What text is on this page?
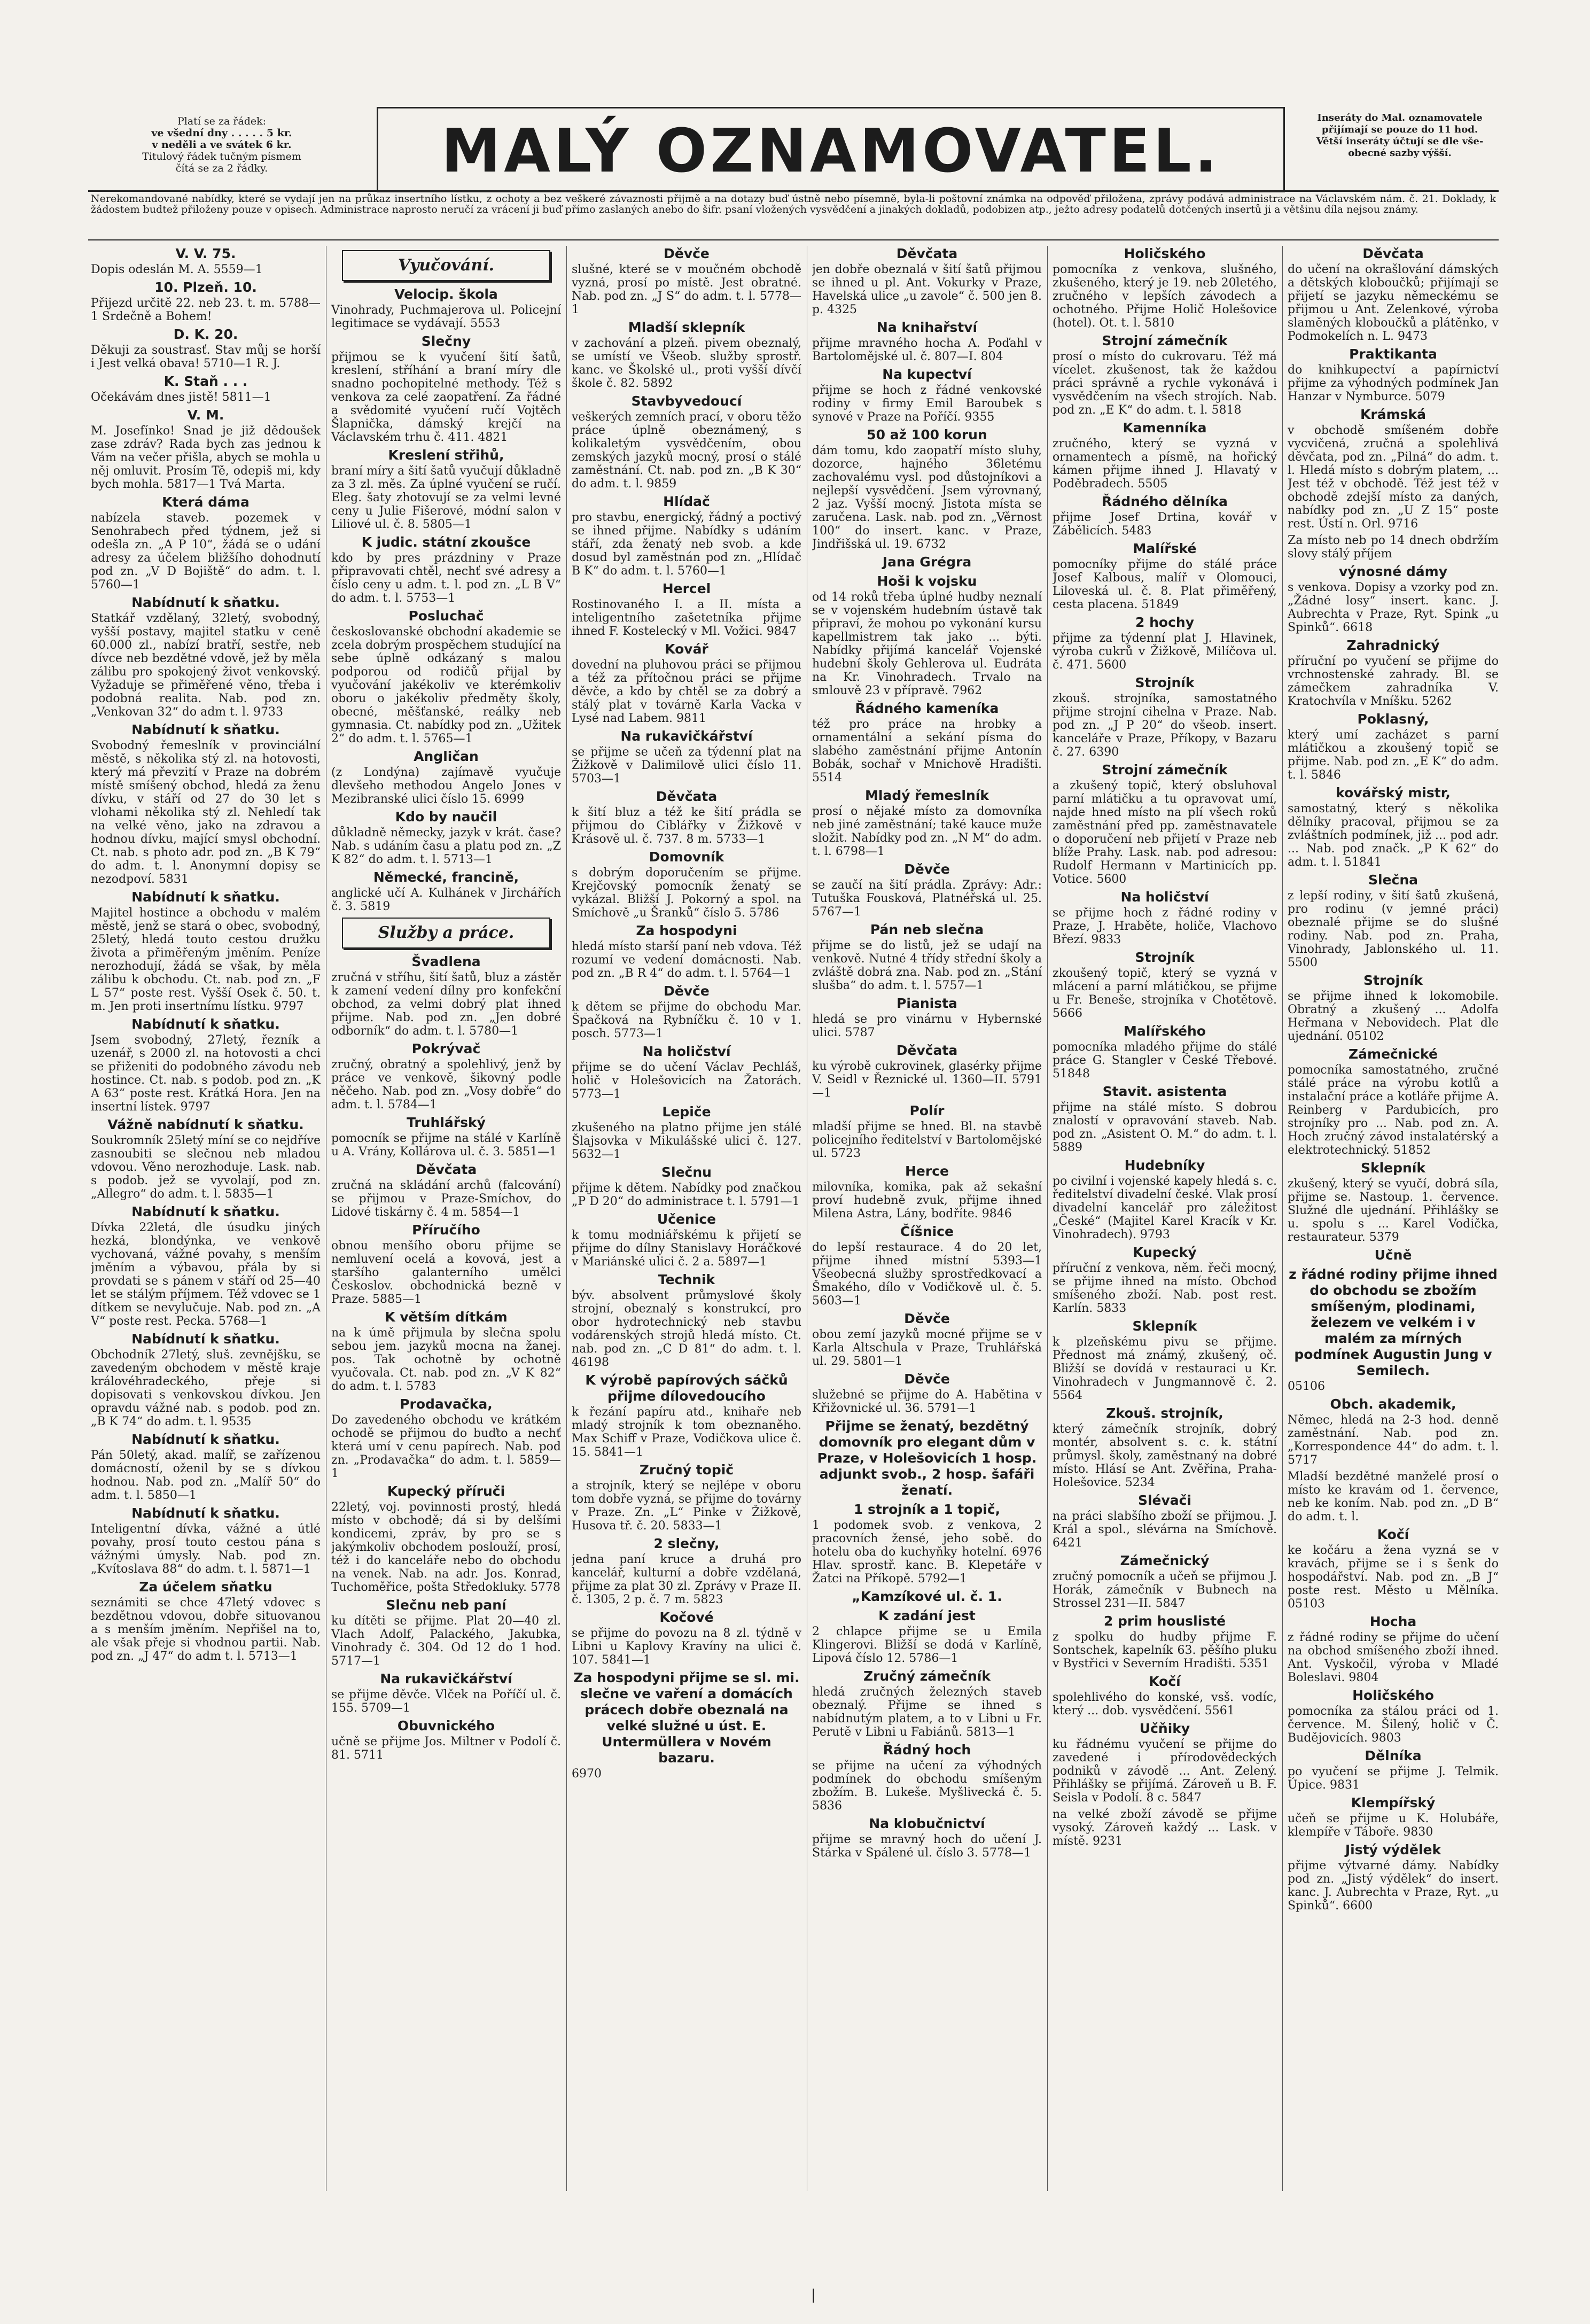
Platí se za řádek:
ve všední dny . . . . . 5 kr.
v neděli a ve svátek 6 kr.
Titulový řádek tučným písmem
čítá se za 2 řádky.	MALÝ OZNAMOVATEL.	Inseráty do Mal. oznamovatele
přijímají se pouze do 11 hod.
Větší inseráty účtují se dle vše-
obecné sazby výšší.
Nerekomandované nabídky, které se vydají jen na průkaz insertního lístku, z ochoty a bez veškeré závaznosti přijmě a na dotazy buď ústně nebo písemně, byla-li poštovní známka na odpověď přiložena, zprávy podává administrace na Václavském nám. č. 21. Doklady, k žádostem budtež přiloženy pouze v opisech. Administrace naprosto neručí za vrácení ji buď přímo zaslaných anebo do šifr. psaní vložených vysvědčení a jinakých dokladů, podobizen atp., ježto adresy podatelů dotčených insertů ji a většinu díla nejsou známy.
V. V. 75.
Dopis odeslán M. A. 5559—1
10. Plzeň. 10.
Přijezd určitě 22. neb 23. t. m. 5788—1 Srdečně a Bohem!
D. K. 20.
Děkuji za soustrasť. Stav můj se horší i Jest velká obava! 5710—1 R. J.
K. Staň . . .
Očekávám dnes jistě! 5811—1
V. M.
M. Josefínko! Snad je již dědoušek zase zdráv? Rada bych zas jednou k Vám na večer přišla, abych se mohla u něj omluvit. Prosím Tě, odepiš mi, kdy bych mohla. 5817—1 Tvá Marta.
Která dáma
nabízela staveb. pozemek v Senohrabech před týdnem, jež si odešla zn. „A P 10“, žádá se o udání adresy za účelem bližšího dohodnutí pod zn. „V D Bojiště“ do adm. t. l. 5760—1
Nabídnutí k sňatku.
Statkář vzdělaný, 32letý, svobodný, vyšší postavy, majitel statku v ceně 60.000 zl., nabízí bratří, sestře, neb dívce neb bezdětné vdově, jež by měla zálibu pro spokojený život venkovský. Vyžaduje se přiměřené věno, třeba i podobná realita. Nab. pod zn. „Venkovan 32“ do adm t. l. 9733
Nabídnutí k sňatku.
Svobodný řemeslník v provinciální městě, s několika stý zl. na hotovosti, který má převzití v Praze na dobrém místě smíšený obchod, hledá za ženu dívku, v stáří od 27 do 30 let s vlohami několika stý zl. Nehledí tak na velké věno, jako na zdravou a hodnou dívku, mající smysl obchodní. Ct. nab. s photo adr. pod zn. „B K 79“ do adm. t. l. Anonymní dopisy se nezodpoví. 5831
Nabídnutí k sňatku.
Majitel hostince a obchodu v malém městě, jenž se stará o obec, svobodný, 25letý, hledá touto cestou družku života a přiměřeným jměním. Peníze nerozhodují, žádá se však, by měla zálibu k obchodu. Ct. nab. pod zn. „F L 57“ poste rest. Vyšší Osek č. 50. t. m. Jen proti insertnímu lístku. 9797
Nabídnutí k sňatku.
Jsem svobodný, 27letý, řezník a uzenář, s 2000 zl. na hotovosti a chci se přiženiti do podobného závodu neb hostince. Ct. nab. s podob. pod zn. „K A 63“ poste rest. Krátká Hora. Jen na insertní lístek. 9797
Vážně nabídnutí k sňatku.
Soukromník 25letý míní se co nejdříve zasnoubiti se slečnou neb mladou vdovou. Věno nerozhoduje. Lask. nab. s podob. jež se vyvolají, pod zn. „Allegro“ do adm. t. l. 5835—1
Nabídnutí k sňatku.
Dívka 22letá, dle úsudku jiných hezká, blondýnka, ve venkově vychovaná, vážné povahy, s menším jměním a výbavou, přála by si provdati se s pánem v stáří od 25—40 let se stálým příjmem. Též vdovec se 1 dítkem se nevylučuje. Nab. pod zn. „A V“ poste rest. Pecka. 5768—1
Nabídnutí k sňatku.
Obchodník 27letý, sluš. zevnějšku, se zavedeným obchodem v městě kraje královéhradeckého, přeje si dopisovati s venkovskou dívkou. Jen opravdu vážné nab. s podob. pod zn. „B K 74“ do adm. t. l. 9535
Nabídnutí k sňatku.
Pán 50letý, akad. malíř, se zařízenou domácností, oženil by se s dívkou hodnou. Nab. pod zn. „Malíř 50“ do adm. t. l. 5850—1
Nabídnutí k sňatku.
Inteligentní dívka, vážné a útlé povahy, prosí touto cestou pána s vážnými úmysly. Nab. pod zn. „Kvítoslava 88“ do adm. t. l. 5871—1
Za účelem sňatku
seznámiti se chce 47letý vdovec s bezdětnou vdovou, dobře situovanou a s menším jměním. Nepřišel na to, ale však přeje si vhodnou partii. Nab. pod zn. „J 47“ do adm t. l. 5713—1
Vyučování.
Velocip. škola
Vinohrady, Puchmajerova ul. Policejní legitimace se vydávají. 5553
Slečny
přijmou se k vyučení šití šatů, kreslení, stříhání a braní míry dle snadno pochopitelné methody. Též s venkova za celé zaopatření. Za řádné a svědomité vyučení ručí Vojtěch Šlapnička, dámský krejčí na Václavském trhu č. 411. 4821
Kreslení střihů,
braní míry a šití šatů vyučují důkladně za 3 zl. měs. Za úplné vyučení se ručí. Eleg. šaty zhotovují se za velmi levné ceny u Julie Fišerové, módní salon v Liliové ul. č. 8. 5805—1
K judic. státní zkoušce
kdo by pres prázdniny v Praze připravovati chtěl, nechť své adresy a číslo ceny u adm. t. l. pod zn. „L B V“ do adm. t. l. 5753—1
Posluchač
českoslovanské obchodní akademie se zcela dobrým prospěchem studující na sebe úplně odkázaný s malou podporou od rodičů přijal by vyučování jakékoliv ve kterémkoliv oboru o jakékoliv předměty školy, obecné, měšťanské, reálky neb gymnasia. Ct. nabídky pod zn. „Užitek 2“ do adm. t. l. 5765—1
Angličan
(z Londýna) zajímavě vyučuje dlevšeho methodou Angelo Jones v Mezibranské ulici číslo 15. 6999
Kdo by naučil
důkladně německy, jazyk v krát. čase? Nab. s udáním času a platu pod zn. „Z K 82“ do adm. t. l. 5713—1
Německé, francině,
anglické učí A. Kulhánek v Jirchářích č. 3. 5819
Služby a práce.
Švadlena
zručná v stříhu, šití šatů, bluz a zástěr k zamení vedení dílny pro konfekční obchod, za velmi dobrý plat ihned přijme. Nab. pod zn. „Jen dobré odborník“ do adm. t. l. 5780—1
Pokrývač
zručný, obratný a spolehlivý, jenž by práce ve venkově, šikovný podle něčeho. Nab. pod zn. „Vosy dobře“ do adm. t. l. 5784—1
Truhlářský
pomocník se přijme na stálé v Karlíně u A. Vrány, Kollárova ul. č. 3. 5851—1
Děvčata
zručná na skládání archů (falcování) se přijmou v Praze-Smíchov, do Lidové tiskárny č. 4 m. 5854—1
Příručího
obnou menšího oboru přijme se nemluvení ocelá a kovová, jest a staršího galanterního umělci Českoslov. obchodnická bezně v Praze. 5885—1
K větším dítkám
na k úmě přijmula by slečna spolu sebou jem. jazyků mocna na žanej. pos. Tak ochotně by ochotně vyučovala. Ct. nab. pod zn. „V K 82“ do adm. t. l. 5783
Prodavačka,
Do zavedeného obchodu ve krátkém ochodě se přijmou do buďto a nechť která umí v cenu papírech. Nab. pod zn. „Prodavačka“ do adm. t. l. 5859—1
Kupecký příruči
22letý, voj. povinnosti prostý, hledá místo v obchodě; dá si by delšími kondicemi, zpráv, by pro se s jakýmkoliv obchodem poslouží, prosí, též i do kanceláře nebo do obchodu na venek. Nab. na adr. Jos. Konrad, Tuchoměřice, pošta Středokluky. 5778
Slečnu neb paní
ku dítěti se přijme. Plat 20—40 zl. Vlach Adolf, Palackého, Jakubka, Vinohrady č. 304. Od 12 do 1 hod. 5717—1
Na rukavičkářství
se přijme děvče. Vlček na Poříčí ul. č. 155. 5709—1
Obuvnického
učně se přijme Jos. Miltner v Podolí č. 81. 5711
Děvče
slušné, které se v moučném obchodě vyzná, prosí po místě. Jest obratné. Nab. pod zn. „J S“ do adm. t. l. 5778—1
Mladší sklepník
v zachování a plzeň. pivem obeznalý, se umístí ve Všeob. služby sprostř. kanc. ve Školské ul., proti vyšší dívčí škole č. 82. 5892
Stavbyvedoucí
veškerých zemních prací, v oboru těžo práce úplně obeznámený, s kolikaletým vysvědčením, obou zemských jazyků mocný, prosí o stálé zaměstnání. Ct. nab. pod zn. „B K 30“ do adm. t. l. 9859
Hlídač
pro stavbu, energický, řádný a poctivý se ihned přijme. Nabídky s udáním stáří, zda ženatý neb svob. a kde dosud byl zaměstnán pod zn. „Hlídač B K“ do adm. t. l. 5760—1
Hercel
Rostinovaného I. a II. místa a inteligentního zašetetníka přijme ihned F. Kostelecký v Ml. Vožici. 9847
Kovář
dovední na pluhovou práci se přijmou a též za přítočnou práci se přijme děvče, a kdo by chtěl se za dobrý a stálý plat v továrně Karla Vacka v Lysé nad Labem. 9811
Na rukavičkářství
se přijme se učeň za týdenní plat na Žižkově v Dalimilově ulici číslo 11. 5703—1
Děvčata
k šití bluz a též ke šití prádla se přijmou do Ciblářky v Žižkově v Krásově ul. č. 737. 8 m. 5733—1
Domovník
s dobrým doporučením se přijme. Krejčovský pomocník ženatý se vykázal. Bližší J. Pokorný a spol. na Smíchově „u Šranků“ číslo 5. 5786
Za hospodyni
hledá místo starší paní neb vdova. Též rozumí ve vedení domácnosti. Nab. pod zn. „B R 4“ do adm. t. l. 5764—1
Děvče
k dětem se přijme do obchodu Mar. Špačková na Rybníčku č. 10 v 1. posch. 5773—1
Na holičství
přijme se do učení Václav Pechláš, holič v Holešovicích na Žatorách. 5773—1
Lepiče
zkušeného na platno přijme jen stálé Šlajsovka v Mikulášské ulici č. 127. 5632—1
Slečnu
přijme k dětem. Nabídky pod značkou „P D 20“ do administrace t. l. 5791—1
Učenice
k tomu modniářskému k přijetí se přijme do dílny Stanislavy Horáčkové v Mariánské ulici č. 2 a. 5897—1
Technik
býv. absolvent průmyslové školy strojní, obeznalý s konstrukcí, pro obor hydrotechnický neb stavbu vodárenských strojů hledá místo. Ct. nab. pod zn. „C D 81“ do adm. t. l. 46198
K výrobě papírových sáčků přijme dílovedoucího
k řezání papíru atd., knihaře neb mladý strojník k tom obeznaněho. Max Schiff v Praze, Vodičkova ulice č. 15. 5841—1
Zručný topič
a strojník, který se nejlépe v oboru tom dobře vyzná, se přijme do továrny v Praze. Zn. „L“ Pinke v Žižkově, Husova tř. č. 20. 5833—1
2 slečny,
jedna paní kruce a druhá pro kancelář, kulturní a dobře vzdělaná, přijme za plat 30 zl. Zprávy v Praze II. č. 1305, 2 p. č. 7 m. 5823
Kočové
se přijme do povozu na 8 zl. týdně v Libni u Kaplovy Kravíny na ulici č. 107. 5841—1
Za hospodyni přijme se sl. mi. slečne ve vaření a domácích prácech dobře obeznalá na velké služné u úst. E. Untermüllera v Novém bazaru.
6970
Děvčata
jen dobře obeznalá v šití šatů přijmou se ihned u pl. Ant. Vokurky v Praze, Havelská ulice „u zavole“ č. 500 jen 8. p. 4325
Na knihařství
přijme mravného hocha A. Poďahl v Bartolomějské ul. č. 807—I. 804
Na kupectví
přijme se hoch z řádné venkovské rodiny v firmy Emil Baroubek s synové v Praze na Poříčí. 9355
50 až 100 korun
dám tomu, kdo zaopatří místo sluhy, dozorce, hajného 36letému zachovalému vysl. pod důstojníkovi a nejlepší vysvědčení. Jsem výrovnaný, 2 jaz. Vyšší mocný. Jistota místa se zaručena. Lask. nab. pod zn. „Věrnost 100“ do insert. kanc. v Praze, Jindřišská ul. 19. 6732
Jana Grégra
Hoši k vojsku
od 14 roků třeba úplné hudby neznalí se v vojenském hudebním ústavě tak připraví, že mohou po vykonání kursu kapellmistrem tak jako ... býti. Nabídky přijímá kancelář Vojenské hudební školy Gehlerova ul. Eudráta na Kr. Vinohradech. Trvalo na smlouvě 23 v přípravě. 7962
Řádného kameníka
též pro práce na hrobky a ornamentální a sekání písma do slabého zaměstnání přijme Antonín Bobák, sochař v Mnichově Hradišti. 5514
Mladý řemeslník
prosí o nějaké místo za domovníka neb jiné zaměstnání; také kauce muže složit. Nabídky pod zn. „N M“ do adm. t. l. 6798—1
Děvče
se zaučí na šití prádla. Zprávy: Adr.: Tutuška Fousková, Platnéřská ul. 25. 5767—1
Pán neb slečna
přijme se do listů, jež se udají na venkově. Nutné 4 třídy střední školy a zvláště dobrá zna. Nab. pod zn. „Stání slušba“ do adm. t. l. 5757—1
Pianista
hledá se pro vinárnu v Hybernské ulici. 5787
Děvčata
ku výrobě cukrovinek, glasérky přijme V. Seidl v Řeznické ul. 1360—II. 5791—1
Polír
mladší přijme se hned. Bl. na stavbě policejního ředitelství v Bartolomějské ul. 5723
Herce
milovníka, komika, pak až sekašní proví hudebně zvuk, přijme ihned Milena Astra, Lány, bodříte. 9846
Číšnice
do lepší restaurace. 4 do 20 let, přijme ihned místní 5393—1 Všeobecná služby sprostředkovací a Šmakého, dílo v Vodičkově ul. č. 5. 5603—1
Děvče
obou zemí jazyků mocné přijme se v Karla Altschula v Praze, Truhlářská ul. 29. 5801—1
Děvče
služebné se přijme do A. Habětina v Křižovnické ul. 36. 5791—1
Přijme se ženatý, bezdětný domovník pro elegant dům v Praze, v Holešovicích 1 hosp. adjunkt svob., 2 hosp. šafáři ženatí.
1 strojník a 1 topič,
1 podomek svob. z venkova, 2 pracovních žensé, jeho sobě. do hotelu oba do kuchyňky hotelní. 6976 Hlav. sprostř. kanc. B. Klepetáře v Žatci na Příkopě. 5792—1
„Kamzíkové ul. č. 1.
K zadání jest
2 chlapce přijme se u Emila Klingerovi. Bližší se dodá v Karlíně, Lipová číslo 12. 5786—1
Zručný zámečník
hledá zručných železných staveb obeznalý. Přijme se ihned s nabídnutým platem, a to v Libni u Fr. Perutě v Libni u Fabiánů. 5813—1
Řádný hoch
se přijme na učení za výhodných podmínek do obchodu smíšeným zbožím. B. Lukeše. Myšlivecká č. 5. 5836
Na klobučnictví
přijme se mravný hoch do učení J. Stárka v Spálené ul. číslo 3. 5778—1
Holičského
pomocníka z venkova, slušného, zkušeného, který je 19. neb 20letého, zručného v lepších závodech a ochotného. Přijme Holič Holešovice (hotel). Ot. t. l. 5810
Strojní zámečník
prosí o místo do cukrovaru. Též má vícelet. zkušenost, tak že každou práci správně a rychle vykonává i vysvědčením na všech strojích. Nab. pod zn. „E K“ do adm. t. l. 5818
Kamenníka
zručného, který se vyzná v ornamentech a písmě, na hořický kámen přijme ihned J. Hlavatý v Poděbradech. 5505
Řádného dělníka
přijme Josef Drtina, kovář v Zábělicích. 5483
Malířské
pomocníky přijme do stálé práce Josef Kalbous, malíř v Olomouci, Liloveská ul. č. 8. Plat přiměřený, cesta placena. 51849
2 hochy
přijme za týdenní plat J. Hlavinek, výroba cukrů v Žižkově, Milíčova ul. č. 471. 5600
Strojník
zkouš. strojníka, samostatného přijme strojní cihelna v Praze. Nab. pod zn. „J P 20“ do všeob. insert. kanceláře v Praze, Příkopy, v Bazaru č. 27. 6390
Strojní zámečník
a zkušený topič, který obsluhoval parní mlátičku a tu opravovat umí, najde hned místo na plí všech roků zaměstnání před pp. zaměstnavatele o doporučení neb přijetí v Praze neb blíže Prahy. Lask. nab. pod adresou: Rudolf Hermann v Martinicích pp. Votice. 5600
Na holičství
se přijme hoch z řádné rodiny v Praze, J. Hraběte, holiče, Vlachovo Březí. 9833
Strojník
zkoušený topič, který se vyzná v mlácení a parní mlátičkou, se přijme u Fr. Beneše, strojníka v Chotětově. 5666
Malířského
pomocníka mladého přijme do stálé práce G. Stangler v České Třebové. 51848
Stavit. asistenta
přijme na stálé místo. S dobrou znalostí v opravování staveb. Nab. pod zn. „Asistent O. M.“ do adm. t. l. 5889
Hudebníky
po civilní i vojenské kapely hledá s. c. ředitelství divadelní české. Vlak prosí divadelní kancelář pro záležitost „České“ (Majitel Karel Kracík v Kr. Vinohradech). 9793
Kupecký
příruční z venkova, něm. řeči mocný, se přijme ihned na místo. Obchod smíšeného zboží. Nab. post rest. Karlín. 5833
Sklepník
k plzeňskému pivu se přijme. Přednost má známý, zkušený, oč. Bližší se dovídá v restauraci u Kr. Vinohradech v Jungmannově č. 2. 5564
Zkouš. strojník,
který zámečník strojník, dobrý montér, absolvent s. c. k. státní průmysl. školy, zaměstnaný na dobré místo. Hlásí se Ant. Zvěřina, Praha-Holešovice. 5234
Slévači
na práci slabšího zboží se přijmou. J. Král a spol., slévárna na Smíchově. 6421
Zámečnický
zručný pomocník a učeň se přijmou J. Horák, zámečník v Bubnech na Strossel 231—II. 5847
2 prim houslisté
z spolku do hudby přijme F. Sontschek, kapelník 63. pěšího pluku v Bystřici v Severním Hradišti. 5351
Kočí
spolehlivého do konské, vsš. vodíc, který ... dob. vysvědčení. 5561
Učňiky
ku řádnému vyučení se přijme do zavedené i přírodovědeckých podniků v závodě ... Ant. Zelený. Přihlášky se přijímá. Zároveň u B. F. Seisla v Podolí. 8 c. 5847
na velké zboží závodě se přijme vysoký. Zároveň každý ... Lask. v místě. 9231
Děvčata
do učení na okrašlování dámských a dětských kloboučků; přijímají se přijetí se jazyku německému se přijmou u Ant. Zelenkové, výroba slaměných kloboučků a plátěnko, v Podmokelích n. L. 9473
Praktikanta
do knihkupectví a papírnictví přijme za výhodných podmínek Jan Hanzar v Nymburce. 5079
Krámská
v obchodě smíšeném dobře vycvičená, zručná a spolehlivá děvčata, pod zn. „Pilná“ do adm. t. l. Hledá místo s dobrým platem, ... Jest též v obchodě. Též jest též v obchodě zdejší místo za daných, nabídky pod zn. „U Z 15“ poste rest. Ústí n. Orl. 9716
Za místo neb po 14 dnech obdržím slovy stálý příjem
výnosné dámy
s venkova. Dopisy a vzorky pod zn. „Žádné losy“ insert. kanc. J. Aubrechta v Praze, Ryt. Spink „u Spinků“. 6618
Zahradnický
příruční po vyučení se přijme do vrchnostenské zahrady. Bl. se zámečkem zahradníka V. Kratochvíla v Mníšku. 5262
Poklasný,
který umí zacházet s parní mlátičkou a zkoušený topič se přijme. Nab. pod zn. „E K“ do adm. t. l. 5846
kovářský mistr,
samostatný, který s několika dělníky pracoval, přijmou se za zvláštních podmínek, již ... pod adr. ... Nab. pod značk. „P K 62“ do adm. t. l. 51841
Slečna
z lepší rodiny, v šití šatů zkušená, pro rodinu (v jemné práci) obeznalé přijme se do slušné rodiny. Nab. pod zn. Praha, Vinohrady, Jablonského ul. 11. 5500
Strojník
se přijme ihned k lokomobile. Obratný a zkušený ... Adolfa Heřmana v Nebovidech. Plat dle ujednání. 05102
Zámečnické
pomocníka samostatného, zručné stálé práce na výrobu kotlů a instalační práce a kotláře přijme A. Reinberg v Pardubicích, pro strojníky pro ... Nab. pod zn. A. Hoch zručný závod instalatérský a elektrotechnický. 51852
Sklepník
zkušený, který se vyučí, dobrá síla, přijme se. Nastoup. 1. července. Služné dle ujednání. Přihlášky se u. spolu s ... Karel Vodička, restaurateur. 5379
Učně
z řádné rodiny přijme ihned do obchodu se zbožím smíšeným, plodinami, železem ve velkém i v malém za mírných podmínek Augustin Jung v Semilech.
05106
Obch. akademik,
Němec, hledá na 2-3 hod. denně zaměstnání. Nab. pod zn. „Korrespondence 44“ do adm. t. l. 5717
Mladší bezdětné manželé prosí o místo ke kravám od 1. července, neb ke koním. Nab. pod zn. „D B“ do adm. t. l.
Kočí
ke kočáru a žena vyzná se v kravách, přijme se i s šenk do hospodářství. Nab. pod zn. „B J“ poste rest. Město u Mělníka. 05103
Hocha
z řádné rodiny se přijme do učení na obchod smíšeného zboží ihned. Ant. Vyskočil, výroba v Mladé Boleslavi. 9804
Holičského
pomocníka za stálou práci od 1. července. M. Šilený, holič v Č. Budějovicích. 9803
Dělníka
po vyučení se přijme J. Telmik. Úpice. 9831
Klempířský
učeň se přijme u K. Holubáře, klempíře v Táboře. 9830
Jistý výdělek
přijme výtvarné dámy. Nabídky pod zn. „Jistý výdělek“ do insert. kanc. J. Aubrechta v Praze, Ryt. „u Spinků“. 6600
|
